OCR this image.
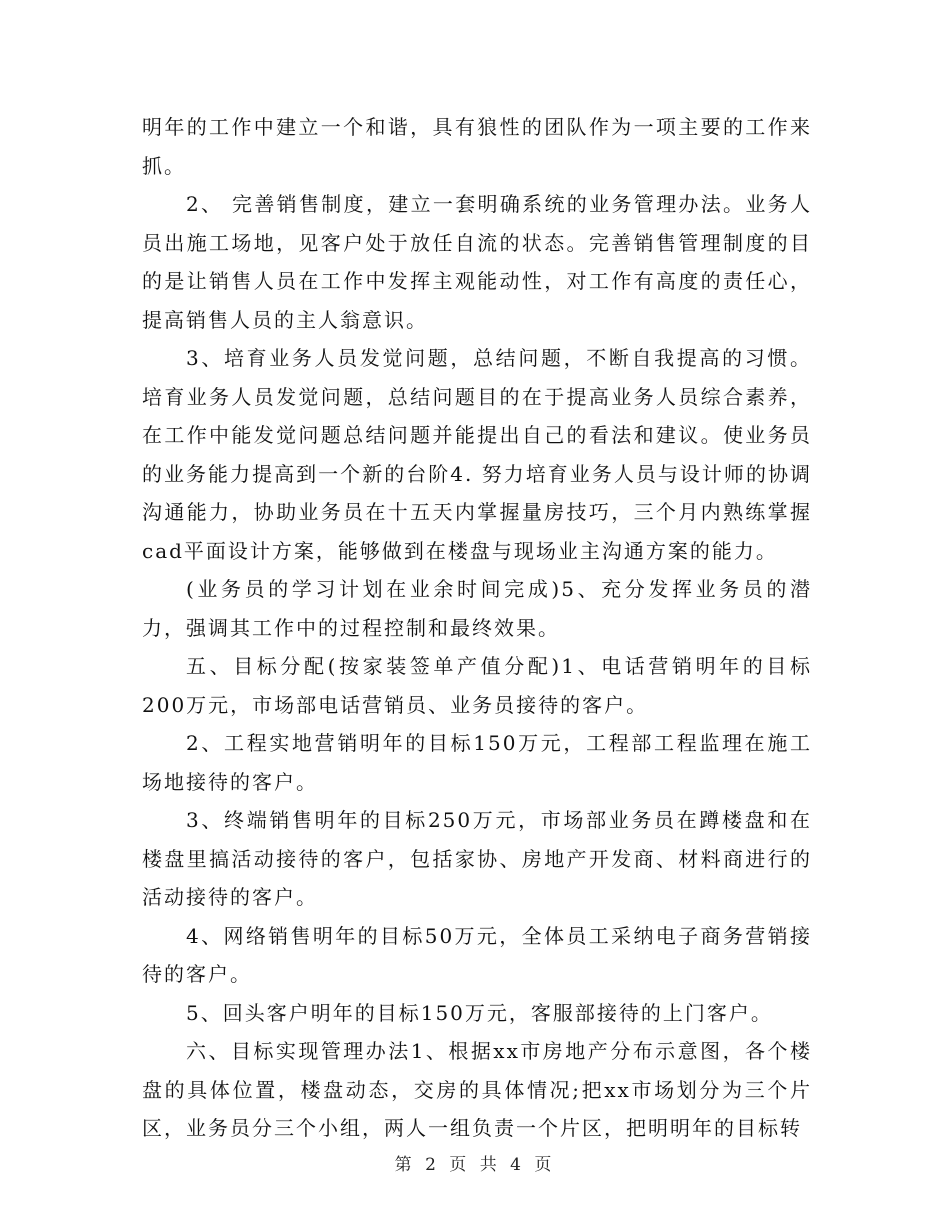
明年的工作中建立一个和谐，具有狼性的团队作为一项主要的工作来抓。

2、 完善销售制度，建立一套明确系统的业务管理办法。业务人员出施工场地，见客户处于放任自流的状态。完善销售管理制度的目的是让销售人员在工作中发挥主观能动性，对工作有高度的责任心，提高销售人员的主人翁意识。

3、培育业务人员发觉问题，总结问题，不断自我提高的习惯。培育业务人员发觉问题，总结问题目的在于提高业务人员综合素养，在工作中能发觉问题总结问题并能提出自己的看法和建议。使业务员的业务能力提高到一个新的台阶4. 努力培育业务人员与设计师的协调沟通能力，协助业务员在十五天内掌握量房技巧，三个月内熟练掌握cad平面设计方案，能够做到在楼盘与现场业主沟通方案的能力。

(业务员的学习计划在业余时间完成)5、充分发挥业务员的潜力，强调其工作中的过程控制和最终效果。

五、目标分配(按家装签单产值分配)1、电话营销明年的目标200万元，市场部电话营销员、业务员接待的客户。

2、工程实地营销明年的目标150万元，工程部工程监理在施工场地接待的客户。

3、终端销售明年的目标250万元，市场部业务员在蹲楼盘和在楼盘里搞活动接待的客户，包括家协、房地产开发商、材料商进行的活动接待的客户。

4、网络销售明年的目标50万元，全体员工采纳电子商务营销接待的客户。

5、回头客户明年的目标150万元，客服部接待的上门客户。

六、目标实现管理办法1、根据xx市房地产分布示意图，各个楼盘的具体位置，楼盘动态，交房的具体情况;把xx市场划分为三个片区，业务员分三个小组，两人一组负责一个片区，把明明年的目标转

第 2 页 共 4 页
